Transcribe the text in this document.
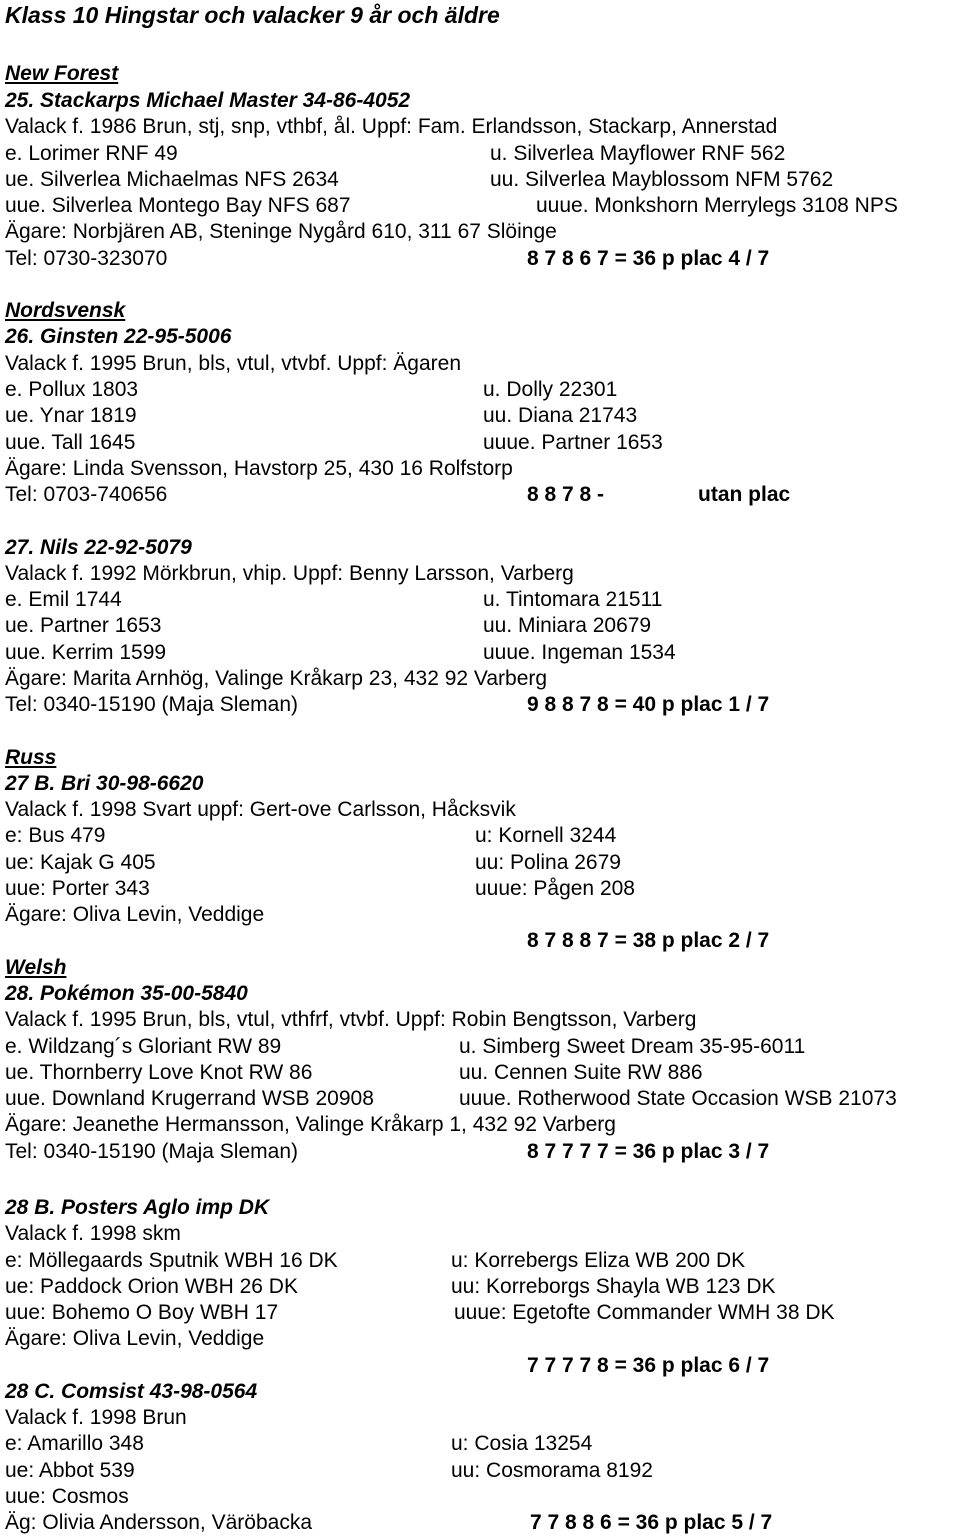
Klass 10 Hingstar och valacker 9 år och äldre
New Forest
25. Stackarps Michael Master 34-86-4052
Valack f. 1986 Brun, stj, snp, vthbf, ål. Uppf: Fam. Erlandsson, Stackarp, Annerstad
e. Lorimer RNF 49	u. Silverlea Mayflower RNF 562
ue. Silverlea Michaelmas NFS 2634	uu. Silverlea Mayblossom NFM 5762
uue. Silverlea Montego Bay NFS 687	uuue. Monkshorn Merrylegs 3108 NPS
Ägare: Norbjären AB, Steninge Nygård 610, 311 67 Slöinge
Tel: 0730-323070	8 7 8 6 7 = 36 p plac 4 / 7
Nordsvensk
26. Ginsten 22-95-5006
Valack f. 1995 Brun, bls, vtul, vtvbf. Uppf: Ägaren
e. Pollux 1803	u. Dolly 22301
ue. Ynar 1819	uu. Diana 21743
uue. Tall 1645	uuue. Partner 1653
Ägare: Linda Svensson, Havstorp 25, 430 16 Rolfstorp
Tel: 0703-740656	8 8 7 8 -	utan plac
27. Nils 22-92-5079
Valack f. 1992 Mörkbrun, vhip. Uppf: Benny Larsson, Varberg
e. Emil 1744	u. Tintomara 21511
ue. Partner 1653	uu. Miniara 20679
uue. Kerrim 1599	uuue. Ingeman 1534
Ägare: Marita Arnhög, Valinge Kråkarp 23, 432 92 Varberg
Tel: 0340-15190 (Maja Sleman)	9 8 8 7 8 = 40 p plac 1 / 7
Russ
27 B. Bri 30-98-6620
Valack f. 1998 Svart uppf: Gert-ove Carlsson, Håcksvik
e: Bus 479	u: Kornell 3244
ue: Kajak G 405	uu: Polina 2679
uue: Porter 343	uuue: Pågen 208
Ägare: Oliva Levin, Veddige
8 7 8 8 7 = 38 p plac 2 / 7
Welsh
28. Pokémon 35-00-5840
Valack f. 1995 Brun, bls, vtul, vthfrf, vtvbf. Uppf: Robin Bengtsson, Varberg
e. Wildzang´s Gloriant RW 89	u. Simberg Sweet Dream 35-95-6011
ue. Thornberry Love Knot RW 86	uu. Cennen Suite RW 886
uue. Downland Krugerrand WSB 20908	uuue. Rotherwood State Occasion WSB 21073
Ägare: Jeanethe Hermansson, Valinge Kråkarp 1, 432 92 Varberg
Tel: 0340-15190 (Maja Sleman)	8 7 7 7 7 = 36 p plac 3 / 7
28 B. Posters Aglo imp DK
Valack f. 1998 skm
e: Möllegaards Sputnik WBH 16 DK	u: Korrebergs Eliza WB 200 DK
ue: Paddock Orion WBH 26 DK	uu: Korreborgs Shayla WB 123 DK
uue: Bohemo O Boy WBH 17	uuue: Egetofte Commander WMH 38 DK
Ägare: Oliva Levin, Veddige
7 7 7 7 8 = 36 p plac 6 / 7
28 C. Comsist 43-98-0564
Valack f. 1998 Brun
e: Amarillo 348	u: Cosia 13254
ue: Abbot 539	uu: Cosmorama 8192
uue: Cosmos
Äg: Olivia Andersson, Väröbacka	7 7 8 8 6 = 36 p plac 5 / 7
